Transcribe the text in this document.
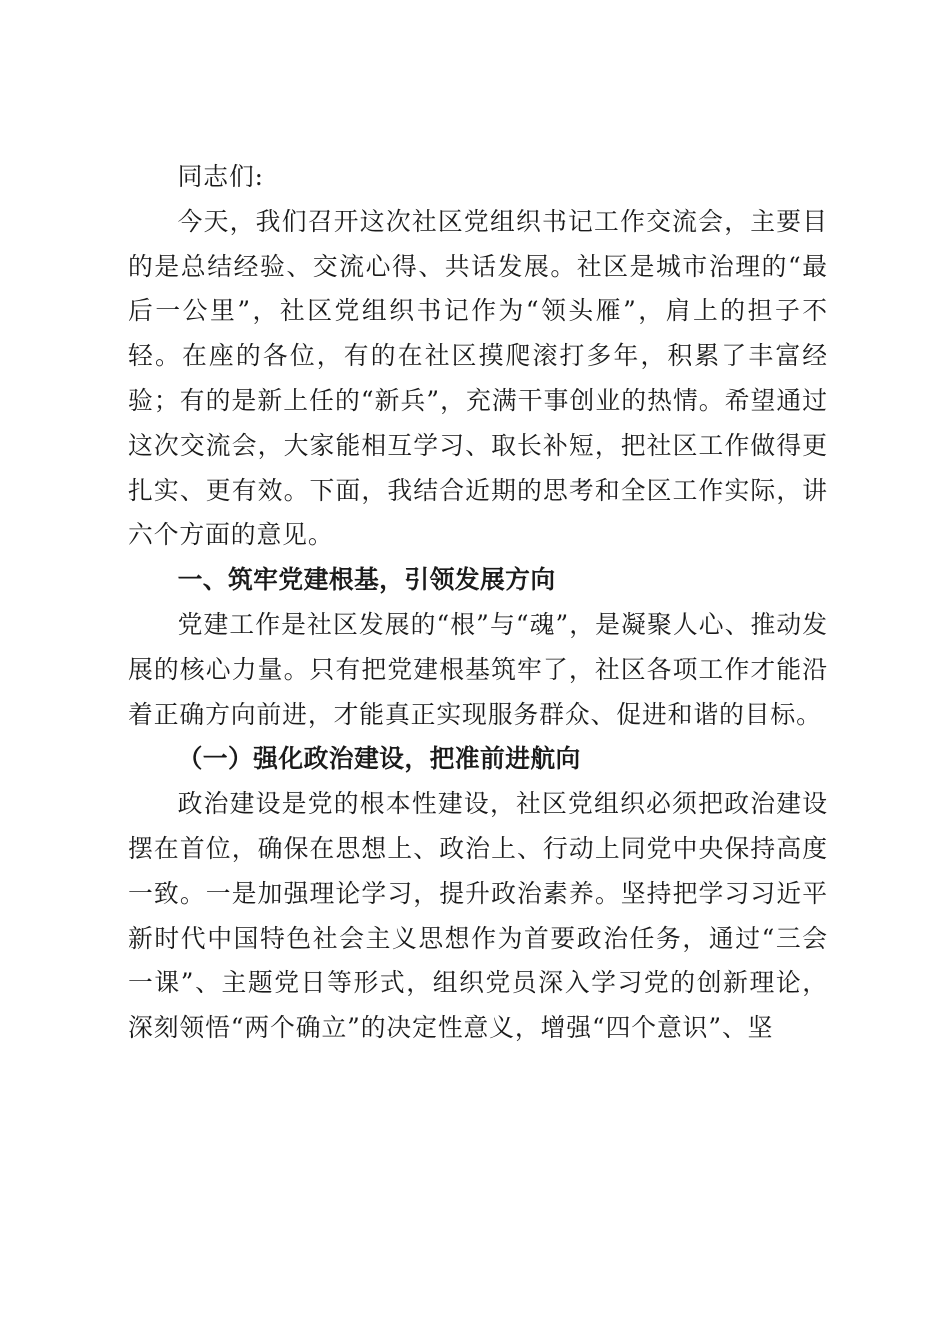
同志们:

今天，我们召开这次社区党组织书记工作交流会，主要目的是总结经验、交流心得、共话发展。社区是城市治理的“最后一公里”，社区党组织书记作为“领头雁”，肩上的担子不轻。在座的各位，有的在社区摸爬滚打多年，积累了丰富经验；有的是新上任的“新兵”，充满干事创业的热情。希望通过这次交流会，大家能相互学习、取长补短，把社区工作做得更扎实、更有效。下面，我结合近期的思考和全区工作实际，讲六个方面的意见。

一、筑牢党建根基，引领发展方向

党建工作是社区发展的“根”与“魂”，是凝聚人心、推动发展的核心力量。只有把党建根基筑牢了，社区各项工作才能沿着正确方向前进，才能真正实现服务群众、促进和谐的目标。

（一）强化政治建设，把准前进航向

政治建设是党的根本性建设，社区党组织必须把政治建设摆在首位，确保在思想上、政治上、行动上同党中央保持高度一致。一是加强理论学习，提升政治素养。坚持把学习习近平新时代中国特色社会主义思想作为首要政治任务，通过“三会一课”、主题党日等形式，组织党员深入学习党的创新理论，深刻领悟“两个确立”的决定性意义，增强“四个意识”、坚
